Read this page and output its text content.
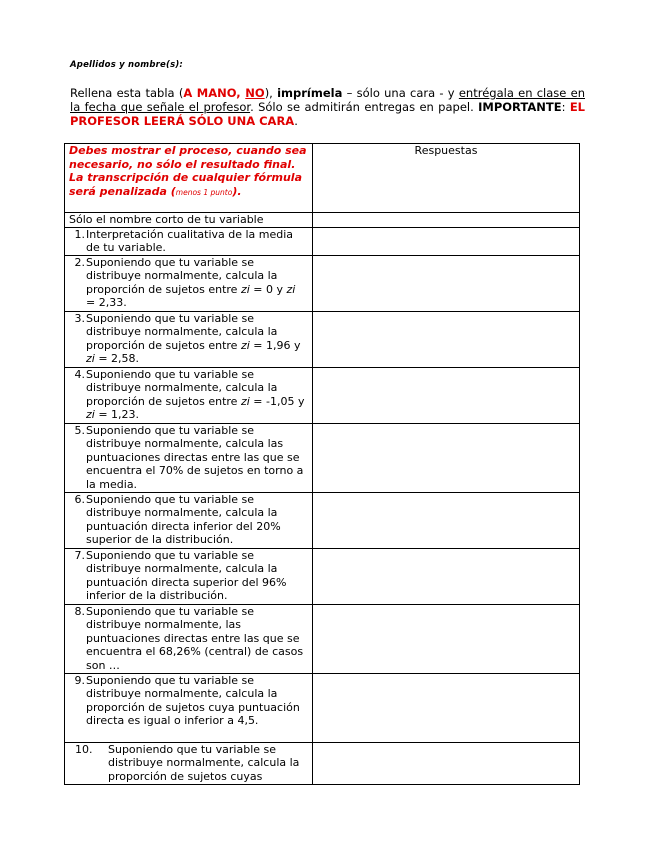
Apellidos y nombre(s):
Rellena esta tabla (A MANO, NO), imprímela – sólo una cara - y entrégala en clase en la fecha que señale el profesor. Sólo se admitirán entregas en papel. IMPORTANTE: EL PROFESOR LEERÁ SÓLO UNA CARA.
Debes mostrar el proceso, cuando sea necesario, no sólo el resultado final. La transcripción de cualquier fórmula será penalizada (menos 1 punto).	Respuestas
Sólo el nombre corto de tu variable	

1. Interpretación cualitativa de la media de tu variable.	

2. Suponiendo que tu variable se distribuye normalmente, calcula la proporción de sujetos entre zi = 0 y zi = 2,33.	

3. Suponiendo que tu variable se distribuye normalmente, calcula la proporción de sujetos entre zi = 1,96 y zi = 2,58.	

4. Suponiendo que tu variable se distribuye normalmente, calcula la proporción de sujetos entre zi = -1,05 y zi = 1,23.	

5. Suponiendo que tu variable se distribuye normalmente, calcula las puntuaciones directas entre las que se encuentra el 70% de sujetos en torno a la media.	

6. Suponiendo que tu variable se distribuye normalmente, calcula la puntuación directa inferior del 20% superior de la distribución.	

7. Suponiendo que tu variable se distribuye normalmente, calcula la puntuación directa superior del 96% inferior de la distribución.	

8. Suponiendo que tu variable se distribuye normalmente, las puntuaciones directas entre las que se encuentra el 68,26% (central) de casos son …	

9. Suponiendo que tu variable se distribuye normalmente, calcula la proporción de sujetos cuya puntuación directa es igual o inferior a 4,5.	

10. Suponiendo que tu variable se distribuye normalmente, calcula la proporción de sujetos cuyas	
